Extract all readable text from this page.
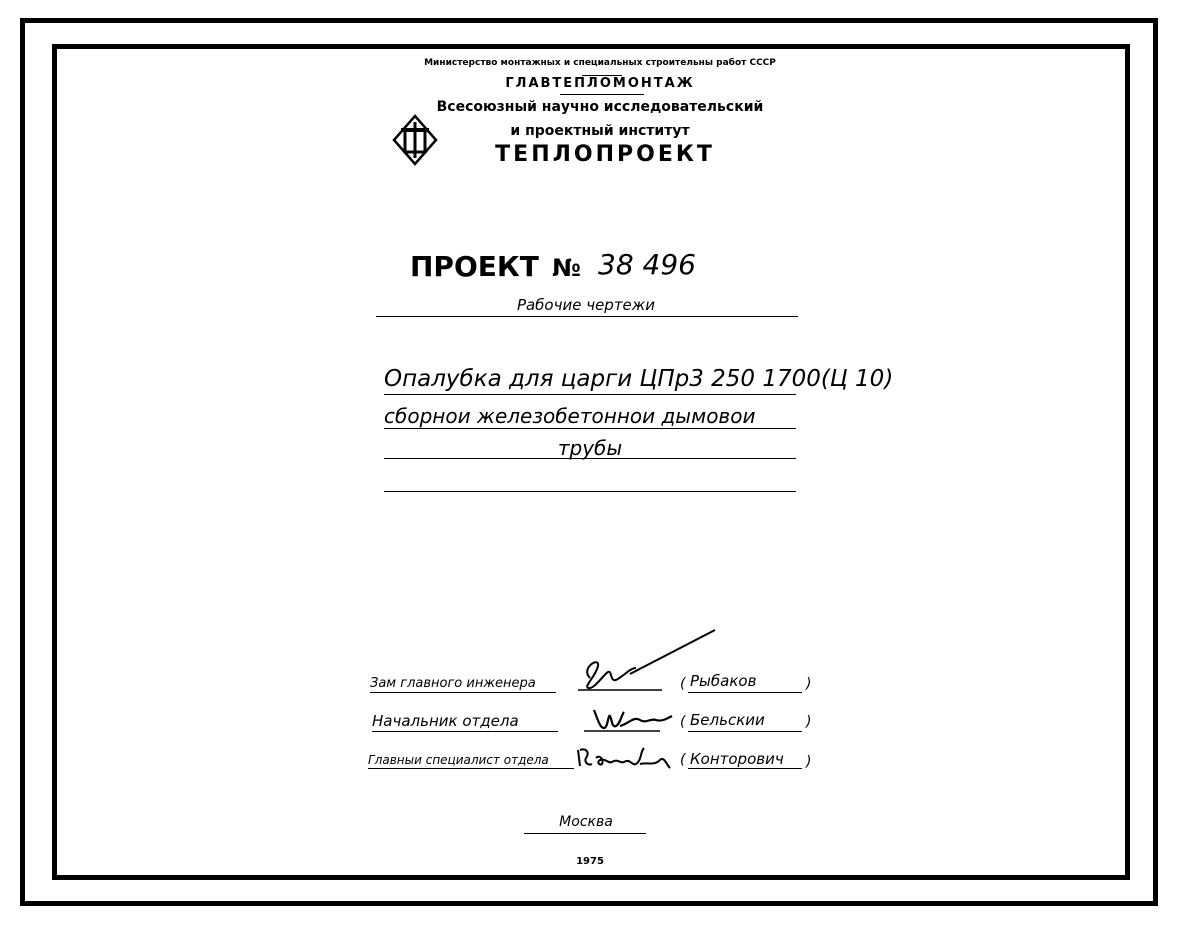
Министерство монтажных и специальных строительны работ СССР
ГЛАВТЕПЛОМОНТАЖ
Всесоюзный научно исследовательский
и проектный институт
ТЕПЛОПРОЕКТ
ПРОЕКТ № 38 496
Рабочие чертежи
Опалубка для царги ЦПр3 250 1700(Ц 10)
сборнои железобетоннои дымовои
трубы
Зам главного инженера	( Рыбаков	)
Начальник отдела	( Бельскии	)
Главныи специалист отдела	( Конторович )
Москва
1975
